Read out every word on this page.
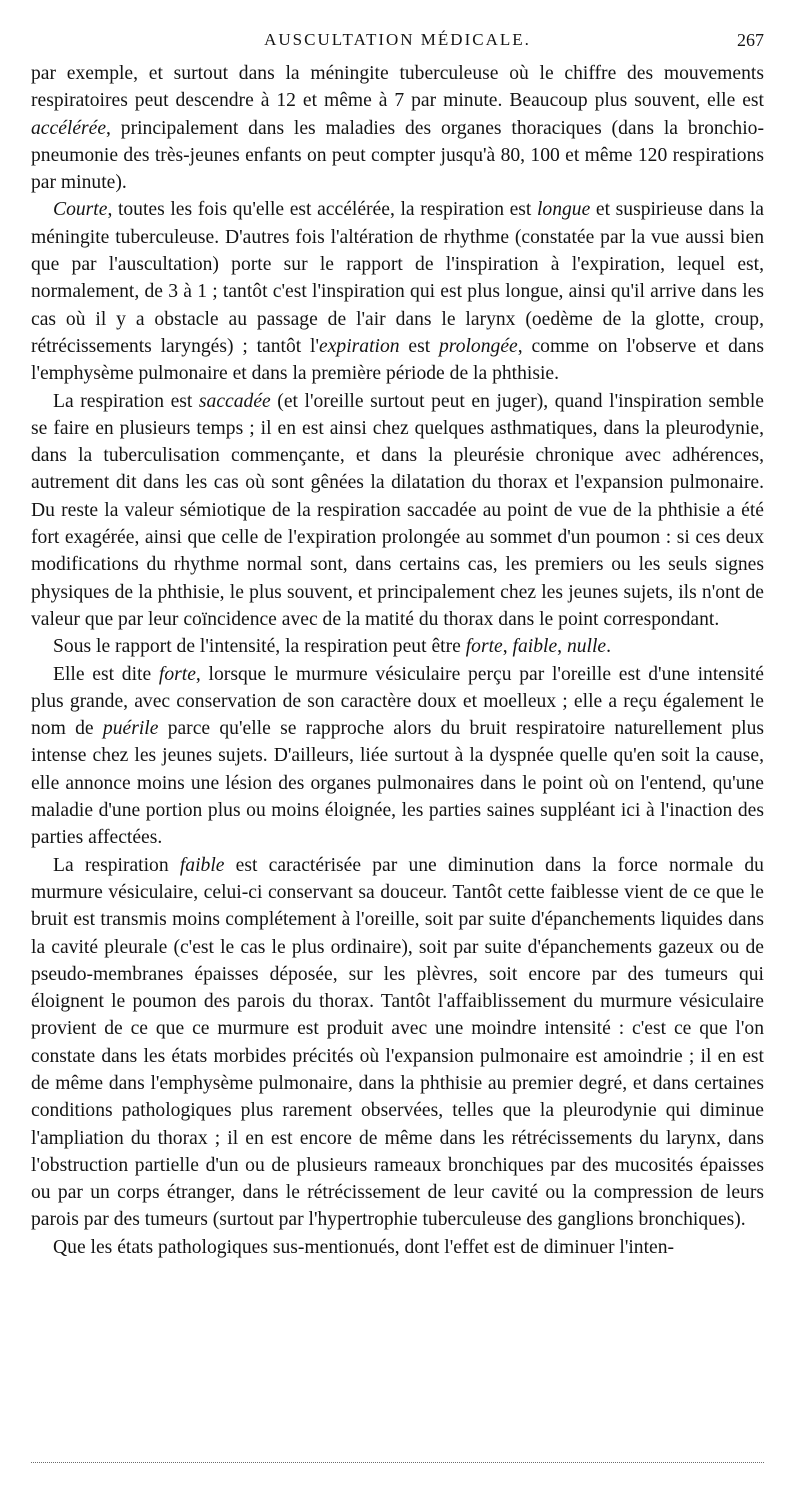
AUSCULTATION MÉDICALE.	267

par exemple, et surtout dans la méningite tuberculeuse où le chiffre des mouvements respiratoires peut descendre à 12 et même à 7 par minute. Beaucoup plus souvent, elle est accélérée, principalement dans les maladies des organes thoraciques (dans la bronchio-pneumonie des très-jeunes enfants on peut compter jusqu'à 80, 100 et même 120 respirations par minute).

Courte, toutes les fois qu'elle est accélérée, la respiration est longue et suspirieuse dans la méningite tuberculeuse. D'autres fois l'altération de rhythme (constatée par la vue aussi bien que par l'auscultation) porte sur le rapport de l'inspiration à l'expiration, lequel est, normalement, de 3 à 1 ; tantôt c'est l'inspiration qui est plus longue, ainsi qu'il arrive dans les cas où il y a obstacle au passage de l'air dans le larynx (oedème de la glotte, croup, rétrécissements laryngés) ; tantôt l'expiration est prolongée, comme on l'observe et dans l'emphysème pulmonaire et dans la première période de la phthisie.

La respiration est saccadée (et l'oreille surtout peut en juger), quand l'inspiration semble se faire en plusieurs temps ; il en est ainsi chez quelques asthmatiques, dans la pleurodynie, dans la tuberculisation commençante, et dans la pleurésie chronique avec adhérences, autrement dit dans les cas où sont gênées la dilatation du thorax et l'expansion pulmonaire. Du reste la valeur sémiotique de la respiration saccadée au point de vue de la phthisie a été fort exagérée, ainsi que celle de l'expiration prolongée au sommet d'un poumon : si ces deux modifications du rhythme normal sont, dans certains cas, les premiers ou les seuls signes physiques de la phthisie, le plus souvent, et principalement chez les jeunes sujets, ils n'ont de valeur que par leur coïncidence avec de la matité du thorax dans le point correspondant.

Sous le rapport de l'intensité, la respiration peut être forte, faible, nulle.

Elle est dite forte, lorsque le murmure vésiculaire perçu par l'oreille est d'une intensité plus grande, avec conservation de son caractère doux et moelleux ; elle a reçu également le nom de puérile parce qu'elle se rapproche alors du bruit respiratoire naturellement plus intense chez les jeunes sujets. D'ailleurs, liée surtout à la dyspnée quelle qu'en soit la cause, elle annonce moins une lésion des organes pulmonaires dans le point où on l'entend, qu'une maladie d'une portion plus ou moins éloignée, les parties saines suppléant ici à l'inaction des parties affectées.

La respiration faible est caractérisée par une diminution dans la force normale du murmure vésiculaire, celui-ci conservant sa douceur. Tantôt cette faiblesse vient de ce que le bruit est transmis moins complétement à l'oreille, soit par suite d'épanchements liquides dans la cavité pleurale (c'est le cas le plus ordinaire), soit par suite d'épanchements gazeux ou de pseudo-membranes épaisses déposée, sur les plèvres, soit encore par des tumeurs qui éloignent le poumon des parois du thorax. Tantôt l'affaiblissement du murmure vésiculaire provient de ce que ce murmure est produit avec une moindre intensité : c'est ce que l'on constate dans les états morbides précités où l'expansion pulmonaire est amoindrie ; il en est de même dans l'emphysème pulmonaire, dans la phthisie au premier degré, et dans certaines conditions pathologiques plus rarement observées, telles que la pleurodynie qui diminue l'ampliation du thorax ; il en est encore de même dans les rétrécissements du larynx, dans l'obstruction partielle d'un ou de plusieurs rameaux bronchiques par des mucosités épaisses ou par un corps étranger, dans le rétrécissement de leur cavité ou la compression de leurs parois par des tumeurs (surtout par l'hypertrophie tuberculeuse des ganglions bronchiques).

Que les états pathologiques sus-mentionués, dont l'effet est de diminuer l'inten-
